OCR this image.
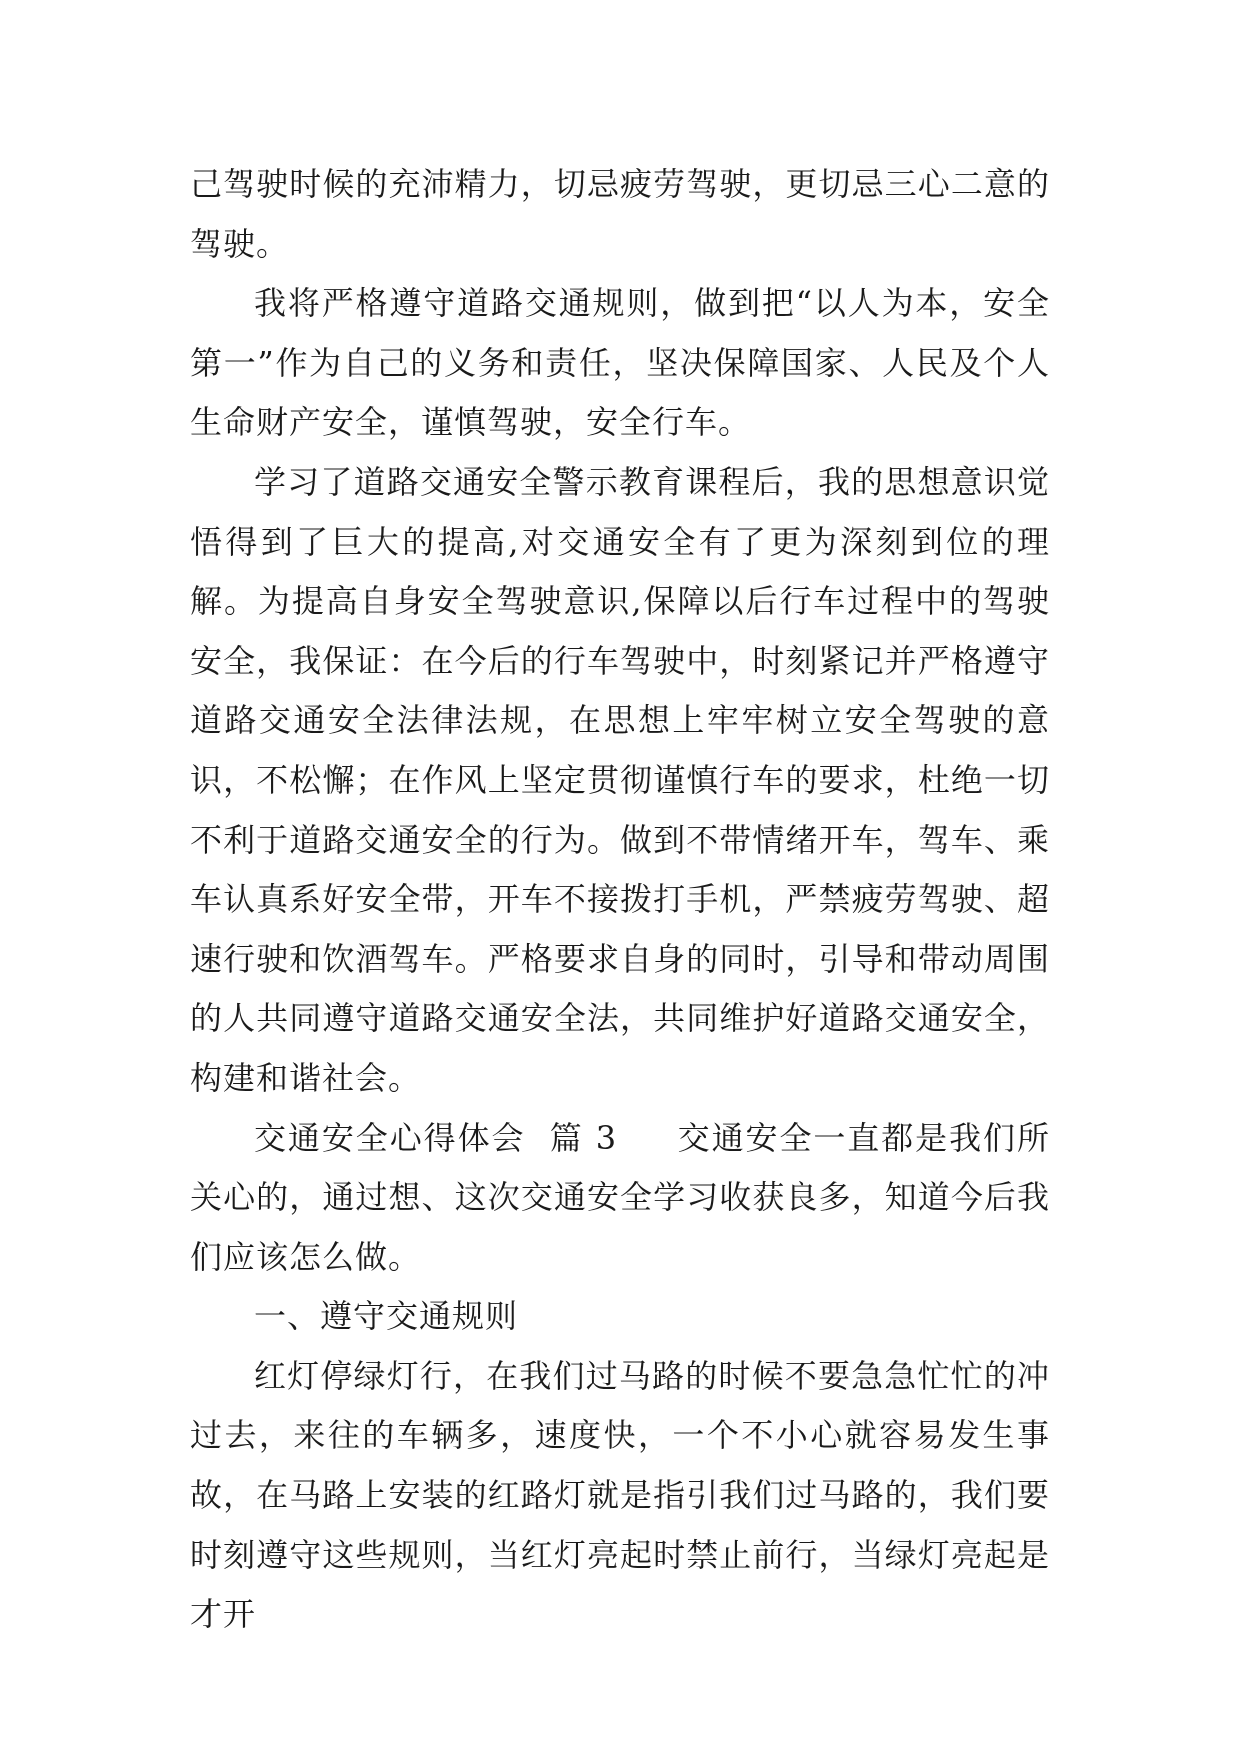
己驾驶时候的充沛精力，切忌疲劳驾驶，更切忌三心二意的驾驶。

我将严格遵守道路交通规则，做到把“以人为本，安全第一”作为自己的义务和责任，坚决保障国家、人民及个人生命财产安全，谨慎驾驶，安全行车。

学习了道路交通安全警示教育课程后，我的思想意识觉悟得到了巨大的提高,对交通安全有了更为深刻到位的理解。为提高自身安全驾驶意识,保障以后行车过程中的驾驶安全，我保证：在今后的行车驾驶中，时刻紧记并严格遵守道路交通安全法律法规，在思想上牢牢树立安全驾驶的意识，不松懈；在作风上坚定贯彻谨慎行车的要求，杜绝一切不利于道路交通安全的行为。做到不带情绪开车，驾车、乘车认真系好安全带，开车不接拨打手机，严禁疲劳驾驶、超速行驶和饮酒驾车。严格要求自身的同时，引导和带动周围的人共同遵守道路交通安全法，共同维护好道路交通安全，构建和谐社会。

交通安全心得体会  篇 3     交通安全一直都是我们所关心的，通过想、这次交通安全学习收获良多，知道今后我们应该怎么做。

一、遵守交通规则

红灯停绿灯行，在我们过马路的时候不要急急忙忙的冲过去，来往的车辆多，速度快，一个不小心就容易发生事故，在马路上安装的红路灯就是指引我们过马路的，我们要时刻遵守这些规则，当红灯亮起时禁止前行，当绿灯亮起是才开
